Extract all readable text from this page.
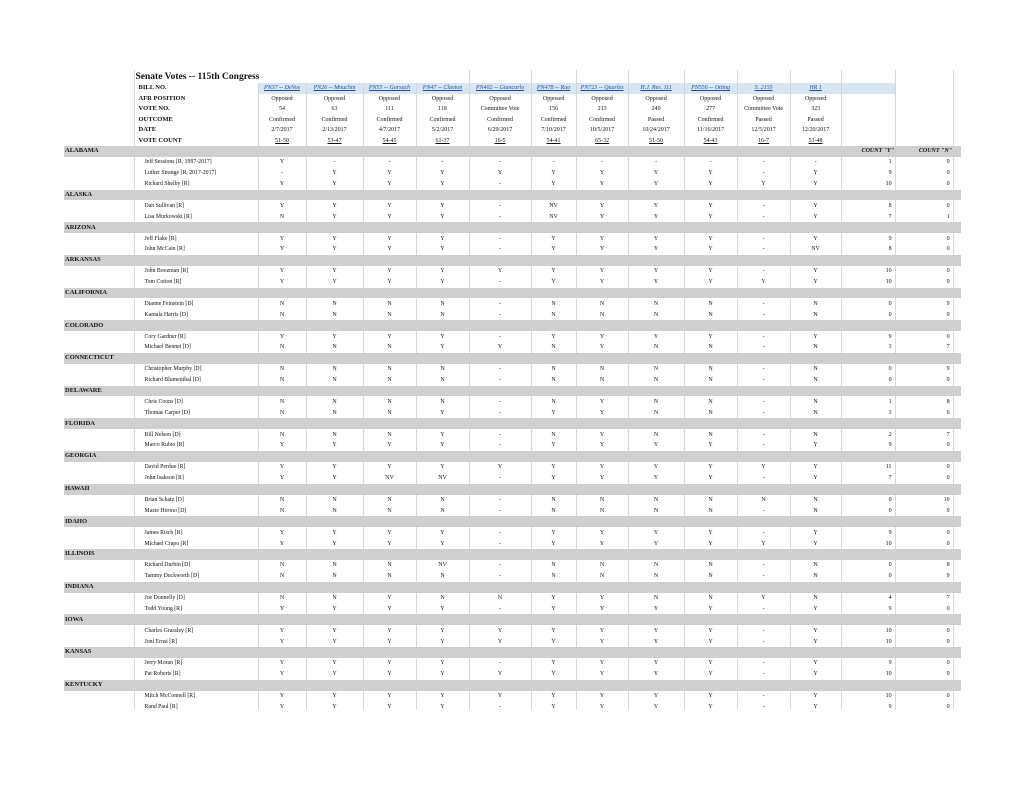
	Senate Votes -- 115th Congress														
	BILL NO.	PN37 -- DeVos	PN26 -- Mnuchin	PN55 -- Gorsuch	PN47 -- Clayton	PN402 -- Giancarlo	PN478 -- Rao	PN723 -- Quarles	H.J. Res. 111	PN556 -- Otting	S. 2155	HR 1			
	AFR POSITION	Opposed	Opposed	Opposed	Opposed	Opposed	Opposed	Opposed	Opposed	Opposed	Opposed	Opposed			
	VOTE NO.	54	63	111	118	Committee Vote	156	213	249	277	Committee Vote	323			
	OUTCOME	Confirmed	Confirmed	Confirmed	Confirmed	Confirmed	Confirmed	Confirmed	Passed	Confirmed	Passed	Passed			
	DATE	2/7/2017	2/13/2017	4/7/2017	5/2/2017	6/29/2017	7/10/2017	10/5/2017	10/24/2017	11/16/2017	12/5/2017	12/20/2017			
	VOTE COUNT	51-50	53-47	54-45	61-37	16-5	54-41	65-32	51-50	54-43	16-7	51-48			
ALABAMA													COUNT "Y"	COUNT "N"	
	Jeff Sessions [R, 1997-2017]	Y	-	-	-	-	-	-	-	-	-	-	1	0	
	Luther Strange [R, 2017-2017]	-	Y	Y	Y	Y	Y	Y	Y	Y	-	Y	9	0	
	Richard Shelby [R]	Y	Y	Y	Y	-	Y	Y	Y	Y	Y	Y	10	0	
ALASKA															
	Dan Sullivan [R]	Y	Y	Y	Y	-	NV	Y	Y	Y	-	Y	8	0	
	Lisa Murkowski [R]	N	Y	Y	Y	-	NV	Y	Y	Y	-	Y	7	1	
ARIZONA															
	Jeff Flake [R]	Y	Y	Y	Y	-	Y	Y	Y	Y	-	Y	9	0	
	John McCain [R]	Y	Y	Y	Y	-	Y	Y	Y	Y	-	NV	8	0	
ARKANSAS															
	John Boozman [R]	Y	Y	Y	Y	Y	Y	Y	Y	Y	-	Y	10	0	
	Tom Cotton [R]	Y	Y	Y	Y	-	Y	Y	Y	Y	Y	Y	10	0	
CALIFORNIA															
	Dianne Feinstein [D]	N	N	N	N	-	N	N	N	N	-	N	0	9	
	Kamala Harris [D]	N	N	N	N	-	N	N	N	N	-	N	0	9	
COLORADO															
	Cory Gardner [R]	Y	Y	Y	Y	-	Y	Y	Y	Y	-	Y	9	0	
	Michael Bennet [D]	N	N	N	Y	Y	N	Y	N	N	-	N	3	7	
CONNECTICUT															
	Christopher Murphy [D]	N	N	N	N	-	N	N	N	N	-	N	0	9	
	Richard Blumenthal [D]	N	N	N	N	-	N	N	N	N	-	N	0	9	
DELAWARE															
	Chris Coons [D]	N	N	N	N	-	N	Y	N	N	-	N	1	8	
	Thomas Carper [D]	N	N	N	Y	-	Y	Y	N	N	-	N	3	6	
FLORIDA															
	Bill Nelson [D]	N	N	N	Y	-	N	Y	N	N	-	N	2	7	
	Marco Rubio [R]	Y	Y	Y	Y	-	Y	Y	Y	Y	-	Y	9	0	
GEORGIA															
	David Perdue [R]	Y	Y	Y	Y	Y	Y	Y	Y	Y	Y	Y	11	0	
	John Isakson [R]	Y	Y	NV	NV	-	Y	Y	Y	Y	-	Y	7	0	
HAWAII															
	Brian Schatz [D]	N	N	N	N	-	N	N	N	N	N	N	0	10	
	Mazie Hirono [D]	N	N	N	N	-	N	N	N	N	-	N	0	9	
IDAHO															
	James Risch [R]	Y	Y	Y	Y	-	Y	Y	Y	Y	-	Y	9	0	
	Michael Crapo [R]	Y	Y	Y	Y	-	Y	Y	Y	Y	Y	Y	10	0	
ILLINOIS															
	Richard Durbin [D]	N	N	N	NV	-	N	N	N	N	-	N	0	8	
	Tammy Duckworth [D]	N	N	N	N	-	N	N	N	N	-	N	0	9	
INDIANA															
	Joe Donnelly [D]	N	N	Y	N	N	Y	Y	N	N	Y	N	4	7	
	Todd Young [R]	Y	Y	Y	Y	-	Y	Y	Y	Y	-	Y	9	0	
IOWA															
	Charles Grassley [R]	Y	Y	Y	Y	Y	Y	Y	Y	Y	-	Y	10	0	
	Joni Ernst [R]	Y	Y	Y	Y	Y	Y	Y	Y	Y	-	Y	10	0	
KANSAS															
	Jerry Moran [R]	Y	Y	Y	Y	-	Y	Y	Y	Y	-	Y	9	0	
	Pat Roberts [R]	Y	Y	Y	Y	Y	Y	Y	Y	Y	-	Y	10	0	
KENTUCKY															
	Mitch McConnell [R]	Y	Y	Y	Y	Y	Y	Y	Y	Y	-	Y	10	0	
	Rand Paul [R]	Y	Y	Y	Y	-	Y	Y	Y	Y	-	Y	9	0	
